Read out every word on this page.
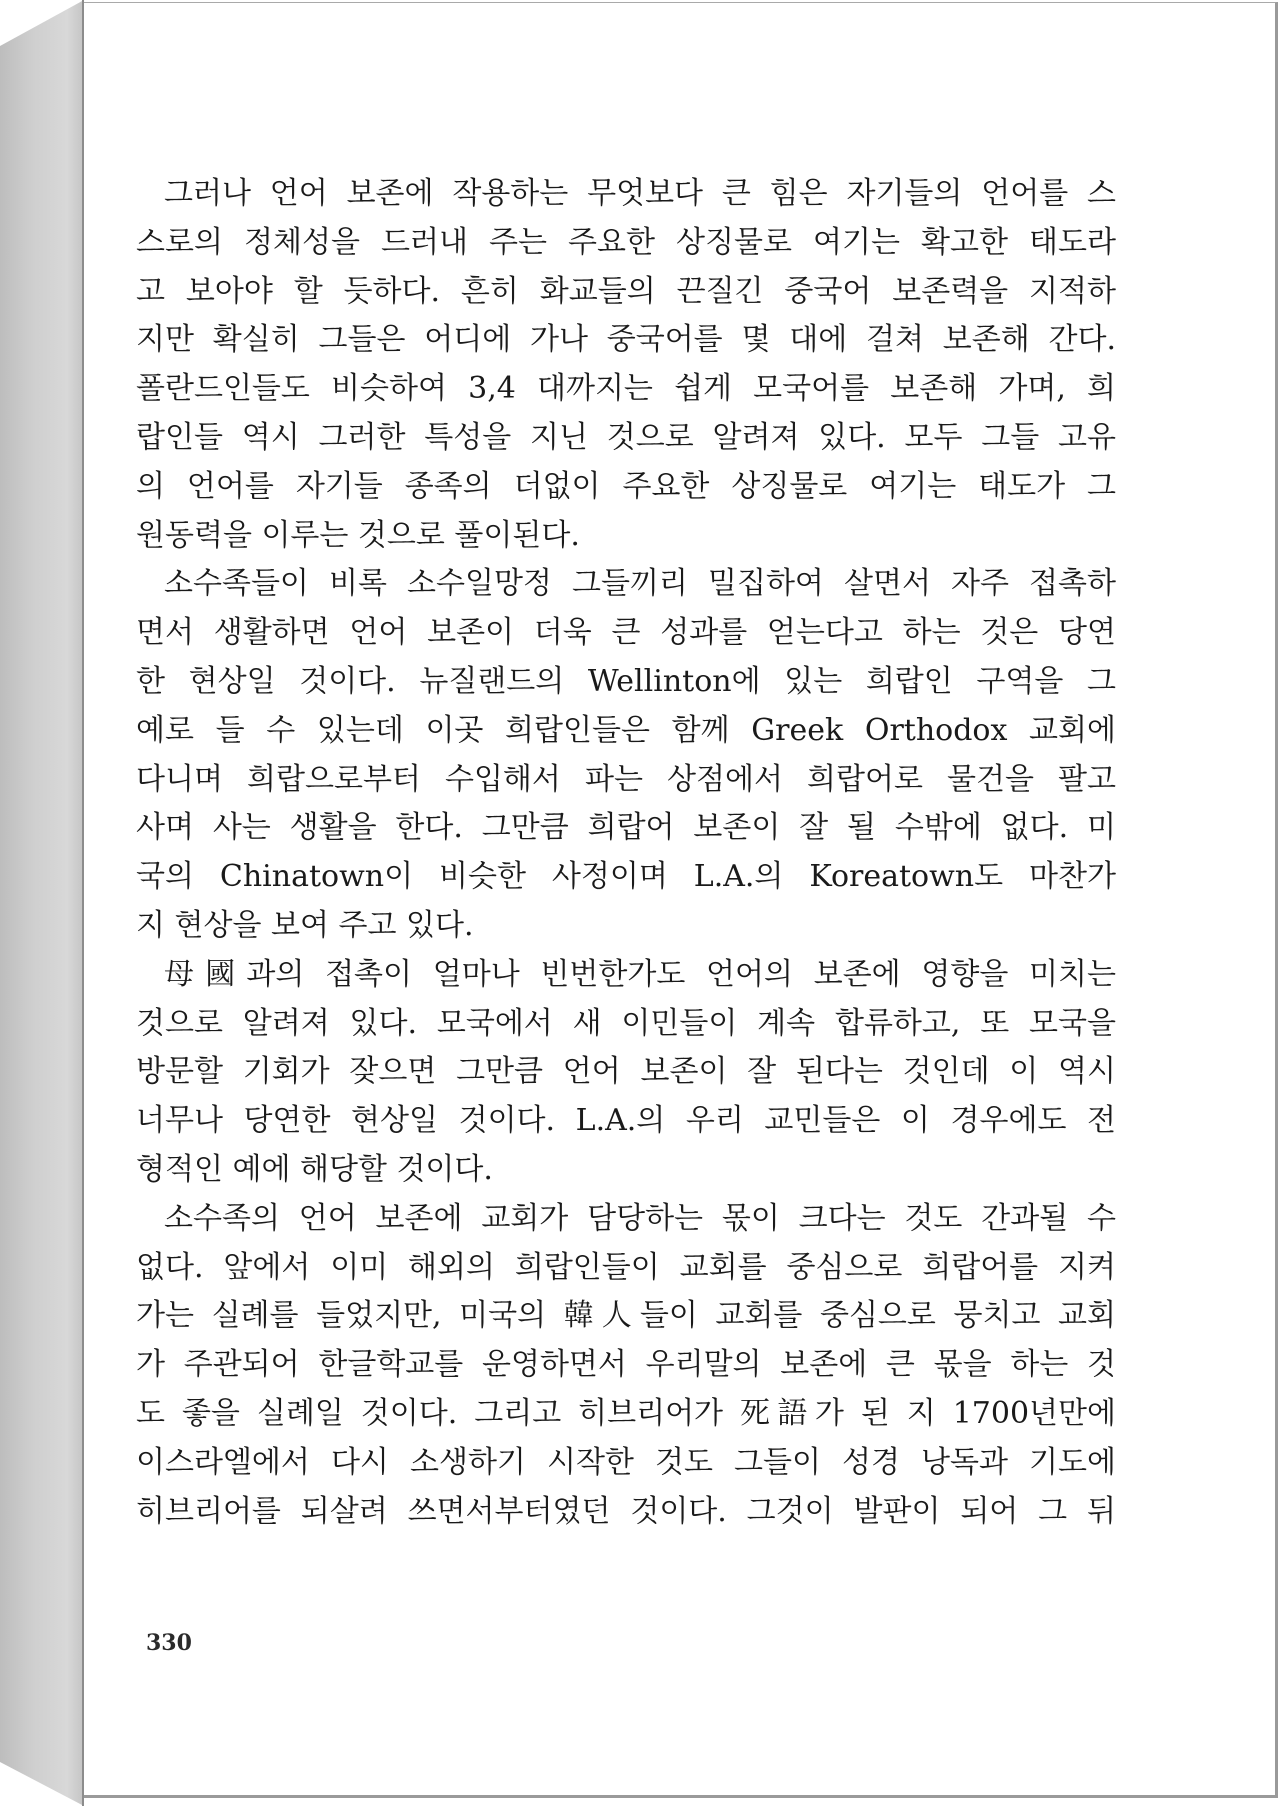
그러나 언어 보존에 작용하는 무엇보다 큰 힘은 자기들의 언어를 스
스로의 정체성을 드러내 주는 주요한 상징물로 여기는 확고한 태도라
고 보아야 할 듯하다. 흔히 화교들의 끈질긴 중국어 보존력을 지적하
지만 확실히 그들은 어디에 가나 중국어를 몇 대에 걸쳐 보존해 간다.
폴란드인들도 비슷하여 3,4 대까지는 쉽게 모국어를 보존해 가며, 희
랍인들 역시 그러한 특성을 지닌 것으로 알려져 있다. 모두 그들 고유
의 언어를 자기들 종족의 더없이 주요한 상징물로 여기는 태도가 그
원동력을 이루는 것으로 풀이된다.
소수족들이 비록 소수일망정 그들끼리 밀집하여 살면서 자주 접촉하
면서 생활하면 언어 보존이 더욱 큰 성과를 얻는다고 하는 것은 당연
한 현상일 것이다. 뉴질랜드의 Wellinton에 있는 희랍인 구역을 그
예로 들 수 있는데 이곳 희랍인들은 함께 Greek Orthodox 교회에
다니며 희랍으로부터 수입해서 파는 상점에서 희랍어로 물건을 팔고
사며 사는 생활을 한다. 그만큼 희랍어 보존이 잘 될 수밖에 없다. 미
국의 Chinatown이 비슷한 사정이며 L.A.의 Koreatown도 마찬가
지 현상을 보여 주고 있다.
母國과의 접촉이 얼마나 빈번한가도 언어의 보존에 영향을 미치는
것으로 알려져 있다. 모국에서 새 이민들이 계속 합류하고, 또 모국을
방문할 기회가 잦으면 그만큼 언어 보존이 잘 된다는 것인데 이 역시
너무나 당연한 현상일 것이다. L.A.의 우리 교민들은 이 경우에도 전
형적인 예에 해당할 것이다.
소수족의 언어 보존에 교회가 담당하는 몫이 크다는 것도 간과될 수
없다. 앞에서 이미 해외의 희랍인들이 교회를 중심으로 희랍어를 지켜
가는 실례를 들었지만, 미국의 韓人들이 교회를 중심으로 뭉치고 교회
가 주관되어 한글학교를 운영하면서 우리말의 보존에 큰 몫을 하는 것
도 좋을 실례일 것이다. 그리고 히브리어가 死語가 된 지 1700년만에
이스라엘에서 다시 소생하기 시작한 것도 그들이 성경 낭독과 기도에
히브리어를 되살려 쓰면서부터였던 것이다. 그것이 발판이 되어 그 뒤
330
